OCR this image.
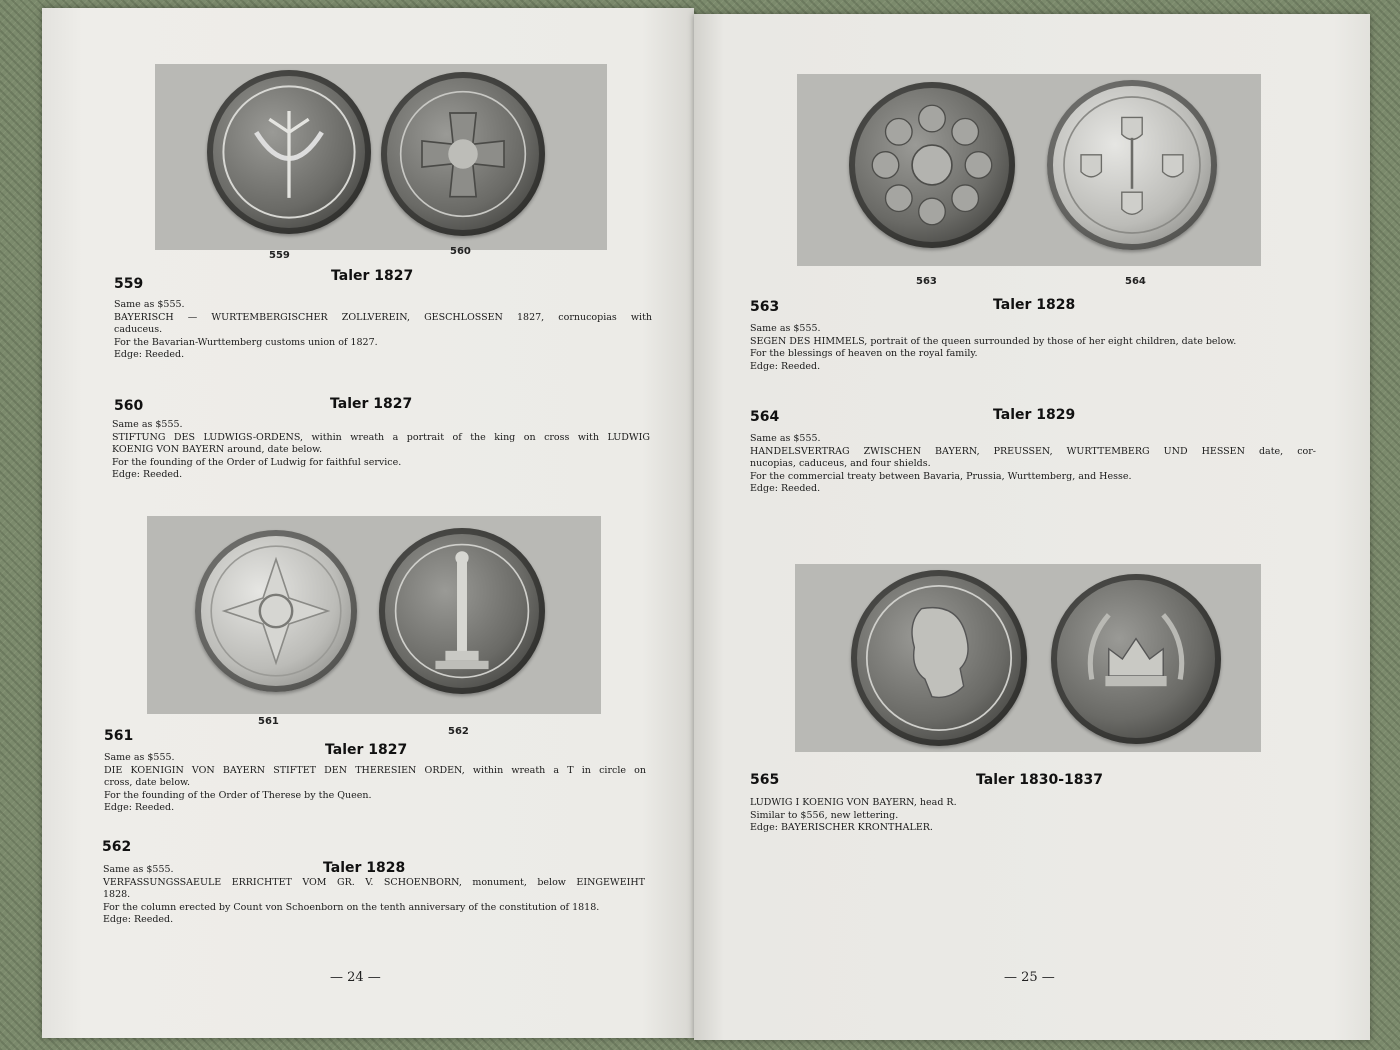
559	560
559	Taler 1827
Same as $555.
BAYERISCH — WURTEMBERGISCHER ZOLLVEREIN, GESCHLOSSEN 1827, cornucopias with
caduceus.
For the Bavarian-Wurttemberg customs union of 1827.
Edge: Reeded.
560	Taler 1827
Same as $555.
STIFTUNG DES LUDWIGS-ORDENS, within wreath a portrait of the king on cross with LUDWIG
KOENIG VON BAYERN around, date below.
For the founding of the Order of Ludwig for faithful service.
Edge: Reeded.
561
562
561
Taler 1827
Same as $555.
DIE KOENIGIN VON BAYERN STIFTET DEN THERESIEN ORDEN, within wreath a T in circle on
cross, date below.
For the founding of the Order of Therese by the Queen.
Edge: Reeded.
562
Taler 1828
Same as $555.
VERFASSUNGSSAEULE ERRICHTET VOM GR. V. SCHOENBORN, monument, below EINGEWEIHT
1828.
For the column erected by Count von Schoenborn on the tenth anniversary of the constitution of 1818.
Edge: Reeded.
— 24 —
563	564
563	Taler 1828
Same as $555.
SEGEN DES HIMMELS, portrait of the queen surrounded by those of her eight children, date below.
For the blessings of heaven on the royal family.
Edge: Reeded.
564	Taler 1829
Same as $555.
HANDELSVERTRAG ZWISCHEN BAYERN, PREUSSEN, WURTTEMBERG UND HESSEN date, cor-
nucopias, caduceus, and four shields.
For the commercial treaty between Bavaria, Prussia, Wurttemberg, and Hesse.
Edge: Reeded.
565	Taler 1830-1837
LUDWIG I KOENIG VON BAYERN, head R.
Similar to $556, new lettering.
Edge: BAYERISCHER KRONTHALER.
— 25 —
